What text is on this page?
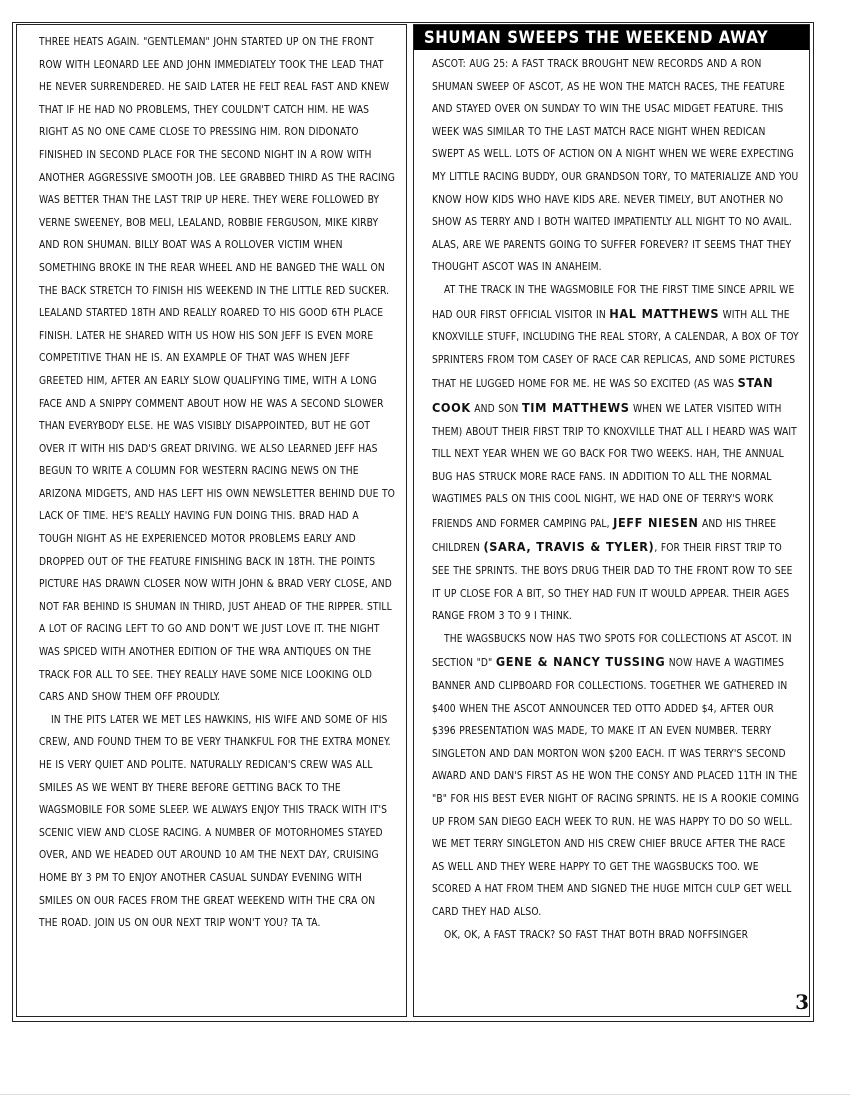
THREE HEATS AGAIN. "GENTLEMAN" JOHN STARTED UP ON THE FRONT ROW WITH LEONARD LEE AND JOHN IMMEDIATELY TOOK THE LEAD THAT HE NEVER SURRENDERED. HE SAID LATER HE FELT REAL FAST AND KNEW THAT IF HE HAD NO PROBLEMS, THEY COULDN'T CATCH HIM. HE WAS RIGHT AS NO ONE CAME CLOSE TO PRESSING HIM. RON DIDONATO FINISHED IN SECOND PLACE FOR THE SECOND NIGHT IN A ROW WITH ANOTHER AGGRESSIVE SMOOTH JOB. LEE GRABBED THIRD AS THE RACING WAS BETTER THAN THE LAST TRIP UP HERE. THEY WERE FOLLOWED BY VERNE SWEENEY, BOB MELI, LEALAND, ROBBIE FERGUSON, MIKE KIRBY AND RON SHUMAN. BILLY BOAT WAS A ROLLOVER VICTIM WHEN SOMETHING BROKE IN THE REAR WHEEL AND HE BANGED THE WALL ON THE BACK STRETCH TO FINISH HIS WEEKEND IN THE LITTLE RED SUCKER. LEALAND STARTED 18TH AND REALLY ROARED TO HIS GOOD 6TH PLACE FINISH. LATER HE SHARED WITH US HOW HIS SON JEFF IS EVEN MORE COMPETITIVE THAN HE IS. AN EXAMPLE OF THAT WAS WHEN JEFF GREETED HIM, AFTER AN EARLY SLOW QUALIFYING TIME, WITH A LONG FACE AND A SNIPPY COMMENT ABOUT HOW HE WAS A SECOND SLOWER THAN EVERYBODY ELSE. HE WAS VISIBLY DISAPPOINTED, BUT HE GOT OVER IT WITH HIS DAD'S GREAT DRIVING. WE ALSO LEARNED JEFF HAS BEGUN TO WRITE A COLUMN FOR WESTERN RACING NEWS ON THE ARIZONA MIDGETS, AND HAS LEFT HIS OWN NEWSLETTER BEHIND DUE TO LACK OF TIME. HE'S REALLY HAVING FUN DOING THIS. BRAD HAD A TOUGH NIGHT AS HE EXPERIENCED MOTOR PROBLEMS EARLY AND DROPPED OUT OF THE FEATURE FINISHING BACK IN 18TH. THE POINTS PICTURE HAS DRAWN CLOSER NOW WITH JOHN & BRAD VERY CLOSE, AND NOT FAR BEHIND IS SHUMAN IN THIRD, JUST AHEAD OF THE RIPPER. STILL A LOT OF RACING LEFT TO GO AND DON'T WE JUST LOVE IT. THE NIGHT WAS SPICED WITH ANOTHER EDITION OF THE WRA ANTIQUES ON THE TRACK FOR ALL TO SEE. THEY REALLY HAVE SOME NICE LOOKING OLD CARS AND SHOW THEM OFF PROUDLY.

IN THE PITS LATER WE MET LES HAWKINS, HIS WIFE AND SOME OF HIS CREW, AND FOUND THEM TO BE VERY THANKFUL FOR THE EXTRA MONEY. HE IS VERY QUIET AND POLITE. NATURALLY REDICAN'S CREW WAS ALL SMILES AS WE WENT BY THERE BEFORE GETTING BACK TO THE WAGSMOBILE FOR SOME SLEEP. WE ALWAYS ENJOY THIS TRACK WITH IT'S SCENIC VIEW AND CLOSE RACING. A NUMBER OF MOTORHOMES STAYED OVER, AND WE HEADED OUT AROUND 10 AM THE NEXT DAY, CRUISING HOME BY 3 PM TO ENJOY ANOTHER CASUAL SUNDAY EVENING WITH SMILES ON OUR FACES FROM THE GREAT WEEKEND WITH THE CRA ON THE ROAD. JOIN US ON OUR NEXT TRIP WON'T YOU? TA TA.

SHUMAN SWEEPS THE WEEKEND AWAY

ASCOT: AUG 25: A FAST TRACK BROUGHT NEW RECORDS AND A RON SHUMAN SWEEP OF ASCOT, AS HE WON THE MATCH RACES, THE FEATURE AND STAYED OVER ON SUNDAY TO WIN THE USAC MIDGET FEATURE. THIS WEEK WAS SIMILAR TO THE LAST MATCH RACE NIGHT WHEN REDICAN SWEPT AS WELL. LOTS OF ACTION ON A NIGHT WHEN WE WERE EXPECTING MY LITTLE RACING BUDDY, OUR GRANDSON TORY, TO MATERIALIZE AND YOU KNOW HOW KIDS WHO HAVE KIDS ARE. NEVER TIMELY, BUT ANOTHER NO SHOW AS TERRY AND I BOTH WAITED IMPATIENTLY ALL NIGHT TO NO AVAIL. ALAS, ARE WE PARENTS GOING TO SUFFER FOREVER? IT SEEMS THAT THEY THOUGHT ASCOT WAS IN ANAHEIM.

AT THE TRACK IN THE WAGSMOBILE FOR THE FIRST TIME SINCE APRIL WE HAD OUR FIRST OFFICIAL VISITOR IN HAL MATTHEWS WITH ALL THE KNOXVILLE STUFF, INCLUDING THE REAL STORY, A CALENDAR, A BOX OF TOY SPRINTERS FROM TOM CASEY OF RACE CAR REPLICAS, AND SOME PICTURES THAT HE LUGGED HOME FOR ME. HE WAS SO EXCITED (AS WAS STAN COOK AND SON TIM MATTHEWS WHEN WE LATER VISITED WITH THEM) ABOUT THEIR FIRST TRIP TO KNOXVILLE THAT ALL I HEARD WAS WAIT TILL NEXT YEAR WHEN WE GO BACK FOR TWO WEEKS. HAH, THE ANNUAL BUG HAS STRUCK MORE RACE FANS. IN ADDITION TO ALL THE NORMAL WAGTIMES PALS ON THIS COOL NIGHT, WE HAD ONE OF TERRY'S WORK FRIENDS AND FORMER CAMPING PAL, JEFF NIESEN AND HIS THREE CHILDREN (SARA, TRAVIS & TYLER), FOR THEIR FIRST TRIP TO SEE THE SPRINTS. THE BOYS DRUG THEIR DAD TO THE FRONT ROW TO SEE IT UP CLOSE FOR A BIT, SO THEY HAD FUN IT WOULD APPEAR. THEIR AGES RANGE FROM 3 TO 9 I THINK.

THE WAGSBUCKS NOW HAS TWO SPOTS FOR COLLECTIONS AT ASCOT. IN SECTION "D" GENE & NANCY TUSSING NOW HAVE A WAGTIMES BANNER AND CLIPBOARD FOR COLLECTIONS. TOGETHER WE GATHERED IN $400 WHEN THE ASCOT ANNOUNCER TED OTTO ADDED $4, AFTER OUR $396 PRESENTATION WAS MADE, TO MAKE IT AN EVEN NUMBER. TERRY SINGLETON AND DAN MORTON WON $200 EACH. IT WAS TERRY'S SECOND AWARD AND DAN'S FIRST AS HE WON THE CONSY AND PLACED 11TH IN THE "B" FOR HIS BEST EVER NIGHT OF RACING SPRINTS. HE IS A ROOKIE COMING UP FROM SAN DIEGO EACH WEEK TO RUN. HE WAS HAPPY TO DO SO WELL. WE MET TERRY SINGLETON AND HIS CREW CHIEF BRUCE AFTER THE RACE AS WELL AND THEY WERE HAPPY TO GET THE WAGSBUCKS TOO. WE SCORED A HAT FROM THEM AND SIGNED THE HUGE MITCH CULP GET WELL CARD THEY HAD ALSO.

OK, OK, A FAST TRACK? SO FAST THAT BOTH BRAD NOFFSINGER

3
